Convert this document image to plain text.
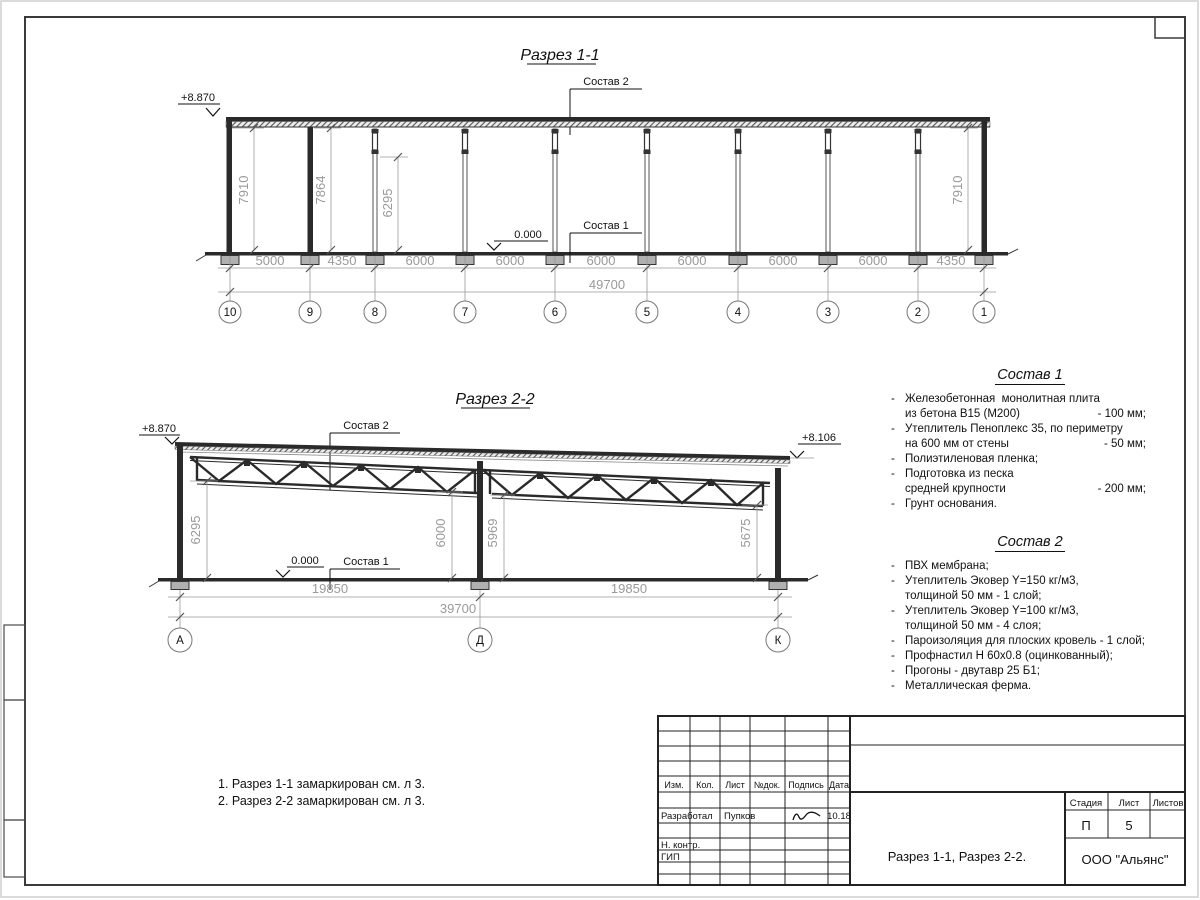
Разрез 1-1
Состав 2
+8.870
7910	7864	6295	7910
0.000
Состав 1
5000	4350	6000	6000	6000	6000	6000	6000	4350
49700
10	9	8	7	6	5	4	3	2	1
Разрез 2-2
Состав 2
+8.870
+8.106
0.000 Состав 1
6295	6000	5969	5675
19850	19850
39700
А	Д	К
Изм. Кол. Лист №док. Подпись Дата
Разработал Пупков	10.18
Н. контр.
ГИП
Стадия Лист Листов
П	5
Разрез 1-1, Разрез 2-2.	ООО "Альянс"
Состав 1
- Железобетонная  монолитная плита
из бетона В15 (М200)	- 100 мм;
- Утеплитель Пеноплекс 35, по периметру
на 600 мм от стены	- 50 мм;
- Полиэтиленовая пленка;
- Подготовка из песка
средней крупности	- 200 мм;
- Грунт основания.
Состав 2
- ПВХ мембрана;
- Утеплитель Эковер Y=150 кг/м3,
толщиной 50 мм - 1 слой;
- Утеплитель Эковер Y=100 кг/м3,
толщиной 50 мм - 4 слоя;
- Пароизоляция для плоских кровель - 1 слой;
- Профнастил Н 60х0.8 (оцинкованный);
- Прогоны - двутавр 25 Б1;
- Металлическая ферма.
1. Разрез 1-1 замаркирован см. л 3.
2. Разрез 2-2 замаркирован см. л 3.
